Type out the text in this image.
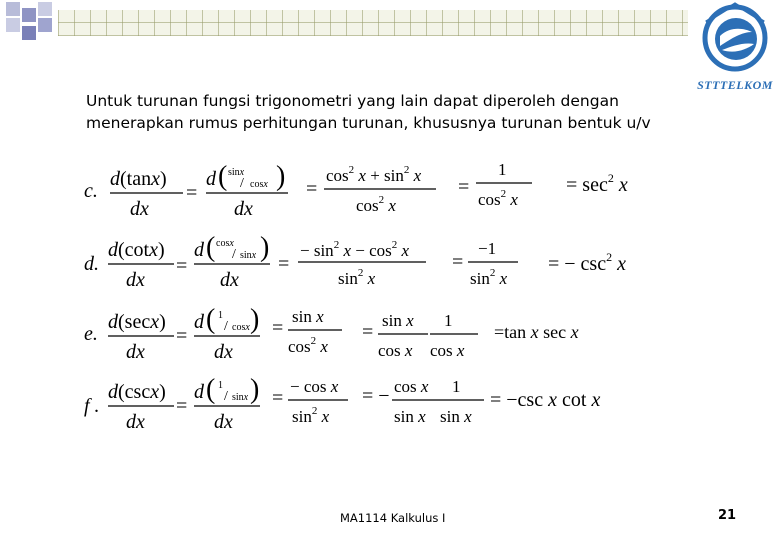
STTTELKOM
Untuk turunan fungsi trigonometri yang lain dapat diperoleh dengan
menerapkan rumus perhitungan turunan, khususnya turunan bentuk u/v
c.
d(tanx)
dx
=
d ( sinx
/ cosx )
dx
=
$\cos^2 x + \sin^2 x$
$\cos^2 x$
=
1
$\cos^2 x$
= $\sec^2 x$
d.
d(cotx)
dx
=
d ( cosx
/ sinx )
dx
=
− $\sin^2 x - \cos^2 x$
$\sin^2 x$
=
−1
$\sin^2 x$
= − $\csc^2 x$
e.
d(secx)
dx
=
d ( 1
/ cosx )
dx
=
sin x
$\cos^2 x$
=
sin x
cos x
1
cos x
=tan x sec x
f .
d(cscx)
dx
=
d ( 1
/ sinx )
dx
=
− cos x
$\sin^2 x$
= − cos x
sin x
1
sin x
= −csc x cot x
MA1114 Kalkulus I	21
